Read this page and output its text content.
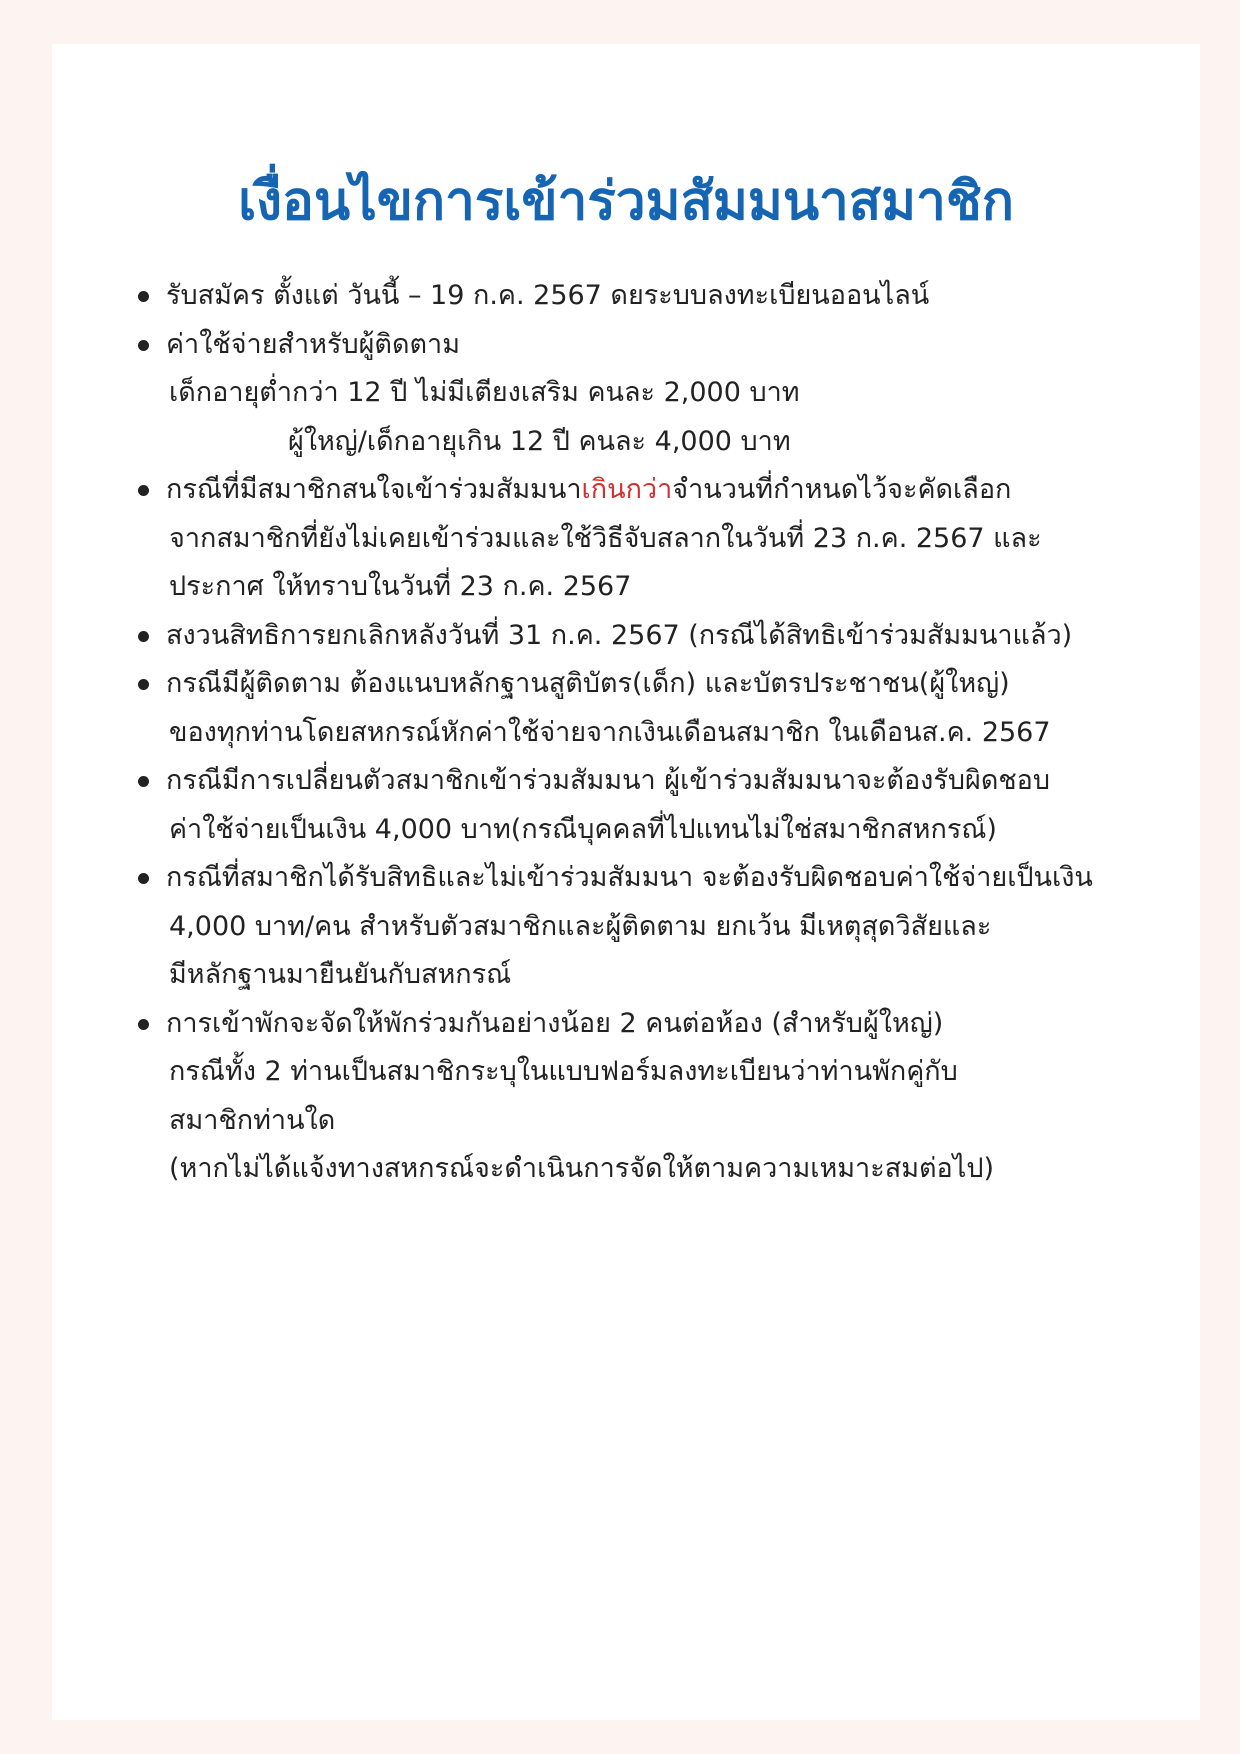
เงื่อนไขการเข้าร่วมสัมมนาสมาชิก
รับสมัคร ตั้งแต่ วันนี้ – 19 ก.ค. 2567 ดยระบบลงทะเบียนออนไลน์
ค่าใช้จ่ายสำหรับผู้ติดตาม
เด็กอายุต่ำกว่า 12 ปี ไม่มีเตียงเสริม คนละ 2,000 บาท
ผู้ใหญ่/เด็กอายุเกิน 12 ปี คนละ 4,000 บาท
กรณีที่มีสมาชิกสนใจเข้าร่วมสัมมนาเกินกว่าจำนวนที่กำหนดไว้จะคัดเลือก
จากสมาชิกที่ยังไม่เคยเข้าร่วมและใช้วิธีจับสลากในวันที่ 23 ก.ค. 2567 และ
ประกาศ ให้ทราบในวันที่ 23 ก.ค. 2567
สงวนสิทธิการยกเลิกหลังวันที่ 31 ก.ค. 2567 (กรณีได้สิทธิเข้าร่วมสัมมนาแล้ว)
กรณีมีผู้ติดตาม ต้องแนบหลักฐานสูติบัตร(เด็ก) และบัตรประชาชน(ผู้ใหญ่)
ของทุกท่านโดยสหกรณ์หักค่าใช้จ่ายจากเงินเดือนสมาชิก ในเดือนส.ค. 2567
กรณีมีการเปลี่ยนตัวสมาชิกเข้าร่วมสัมมนา ผู้เข้าร่วมสัมมนาจะต้องรับผิดชอบ
ค่าใช้จ่ายเป็นเงิน 4,000 บาท(กรณีบุคคลที่ไปแทนไม่ใช่สมาชิกสหกรณ์)
กรณีที่สมาชิกได้รับสิทธิและไม่เข้าร่วมสัมมนา จะต้องรับผิดชอบค่าใช้จ่ายเป็นเงิน
4,000 บาท/คน สำหรับตัวสมาชิกและผู้ติดตาม ยกเว้น มีเหตุสุดวิสัยและ
มีหลักฐานมายืนยันกับสหกรณ์
การเข้าพักจะจัดให้พักร่วมกันอย่างน้อย 2 คนต่อห้อง (สำหรับผู้ใหญ่)
กรณีทั้ง 2 ท่านเป็นสมาชิกระบุในแบบฟอร์มลงทะเบียนว่าท่านพักคู่กับ
สมาชิกท่านใด
(หากไม่ได้แจ้งทางสหกรณ์จะดำเนินการจัดให้ตามความเหมาะสมต่อไป)
